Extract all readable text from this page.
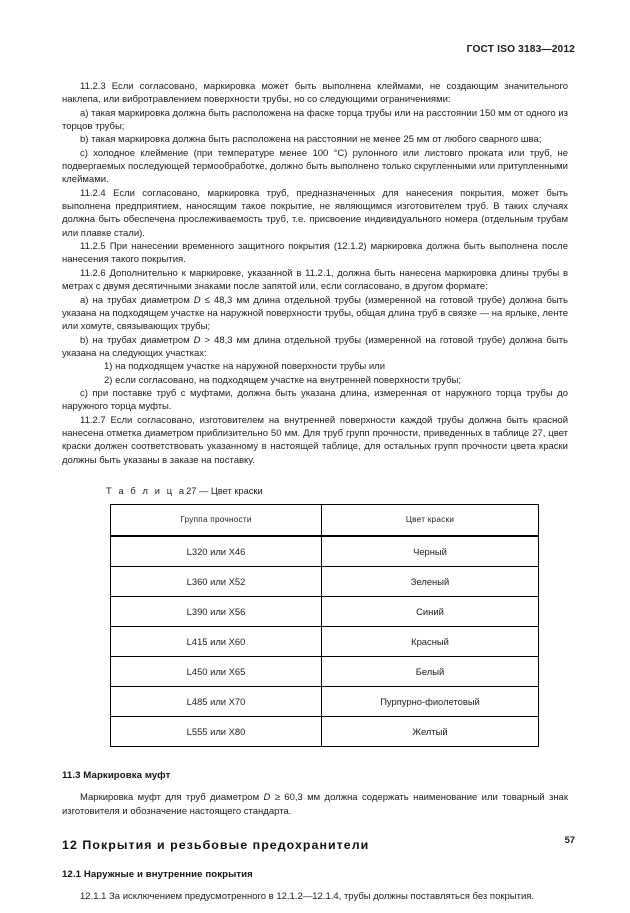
ГОСТ ISO 3183—2012

11.2.3 Если согласовано, маркировка может быть выполнена клеймами, не создающим значительного наклепа, или вибротравлением поверхности трубы, но со следующими ограничениями:

a) такая маркировка должна быть расположена на фаске торца трубы или на расстоянии 150 мм от одного из торцов трубы;

b) такая маркировка должна быть расположена на расстоянии не менее 25 мм от любого сварного шва;

c) холодное клеймение (при температуре менее 100 °С) рулонного или листовго проката или труб, не подвергаемых последующей термообработке, должно быть выполнено только скругленными или притупленными клеймами.

11.2.4 Если согласовано, маркировка труб, предназначенных для нанесения покрытия, может быть выполнена предприятием, наносящим такое покрытие, не являющимся изготовителем труб. В таких случаях должна быть обеспечена прослеживаемость труб, т.е. присвоение индивидуального номера (отдельным трубам или плавке стали).

11.2.5 При нанесении временного защитного покрытия (12.1.2) маркировка должна быть выполнена после нанесения такого покрытия.

11.2.6 Дополнительно к маркировке, указанной в 11.2.1, должна быть нанесена маркировка длины трубы в метрах с двумя десятичными знаками после запятой или, если согласовано, в другом формате:

a) на трубах диаметром D ≤ 48,3 мм длина отдельной трубы (измеренной на готовой трубе) должна быть указана на подходящем участке на наружной поверхности трубы, общая длина труб в связке — на ярлыке, ленте или хомуте, связывающих трубы;

b) на трубах диаметром D > 48,3 мм длина отдельной трубы (измеренной на готовой трубе) должна быть указана на следующих участках:

1) на подходящем участке на наружной поверхности трубы или

2) если согласовано, на подходящем участке на внутренней поверхности трубы;

c) при поставке труб с муфтами, должна быть указана длина, измеренная от наружного торца трубы до наружного торца муфты.

11.2.7 Если согласовано, изготовителем на внутренней поверхности каждой трубы должна быть красной нанесена отметка диаметром приблизительно 50 мм. Для труб групп прочности, приведенных в таблице 27, цвет краски должен соответствовать указанному в настоящей таблице, для остальных групп прочности цвета краски должны быть указаны в заказе на поставку.

Т а б л и ц а27 — Цвет краски

Группа прочности	Цвет краски
L320 или X46	Черный
L360 или X52	Зеленый
L390 или X56	Синий
L415 или X60	Красный
L450 или X65	Белый
L485 или X70	Пурпурно-фиолетовый
L555 или X80	Желтый
11.3 Маркировка муфт

Маркировка муфт для труб диаметром D ≥ 60,3 мм должна содержать наименование или товарный знак изготовителя и обозначение настоящего стандарта.

12 Покрытия и резьбовые предохранители
12.1 Наружные и внутренние покрытия

12.1.1 За исключением предусмотренного в 12.1.2—12.1.4, трубы должны поставляться без покрытия.

57
